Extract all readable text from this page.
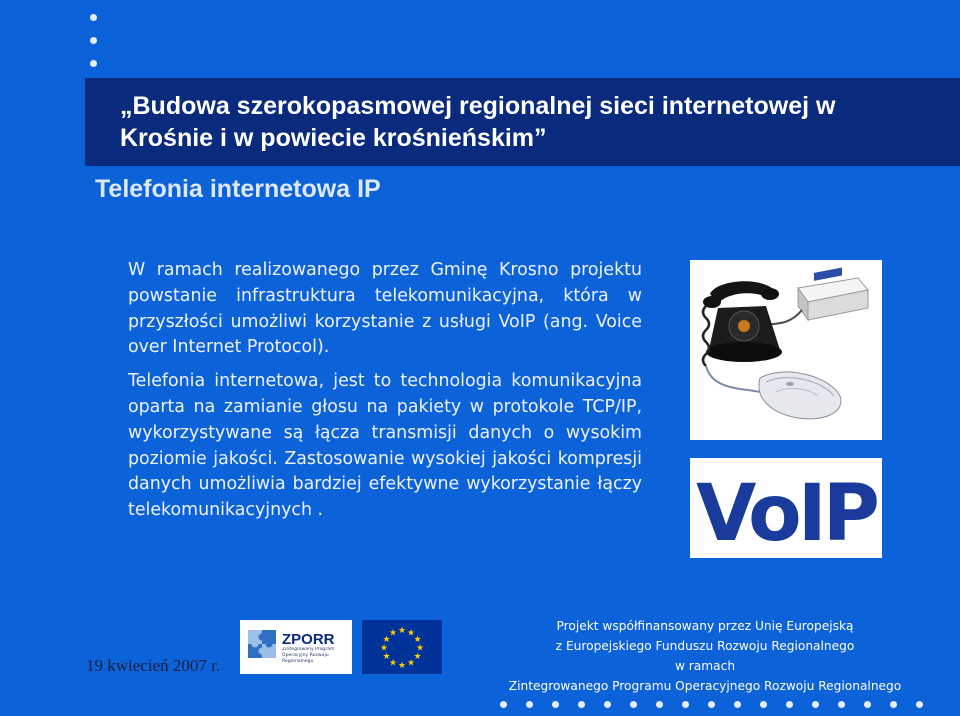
„Budowa szerokopasmowej regionalnej sieci internetowej w Krośnie i w powiecie krośnieńskim”
Telefonia internetowa IP

W ramach realizowanego przez Gminę Krosno projektu powstanie infrastruktura telekomunikacyjna, która w przyszłości umożliwi korzystanie z usługi VoIP (ang. Voice over Internet Protocol).

Telefonia internetowa, jest to technologia komunikacyjna oparta na zamianie głosu na pakiety w protokole TCP/IP, wykorzystywane są łącza transmisji danych o wysokim poziomie jakości. Zastosowanie wysokiej jakości kompresji danych umożliwia bardziej efektywne wykorzystanie łączy telekomunikacyjnych .	VoIP
ZPORR
Zintegrowany Program Operacyjny Rozwoju Regionalnego
★ ★
★
★
★
★
★
★
★
★
★
★
19 kwiecień 2007 r.
Projekt współfinansowany przez Unię Europejską
z Europejskiego Funduszu Rozwoju Regionalnego
w ramach
Zintegrowanego Programu Operacyjnego Rozwoju Regionalnego
